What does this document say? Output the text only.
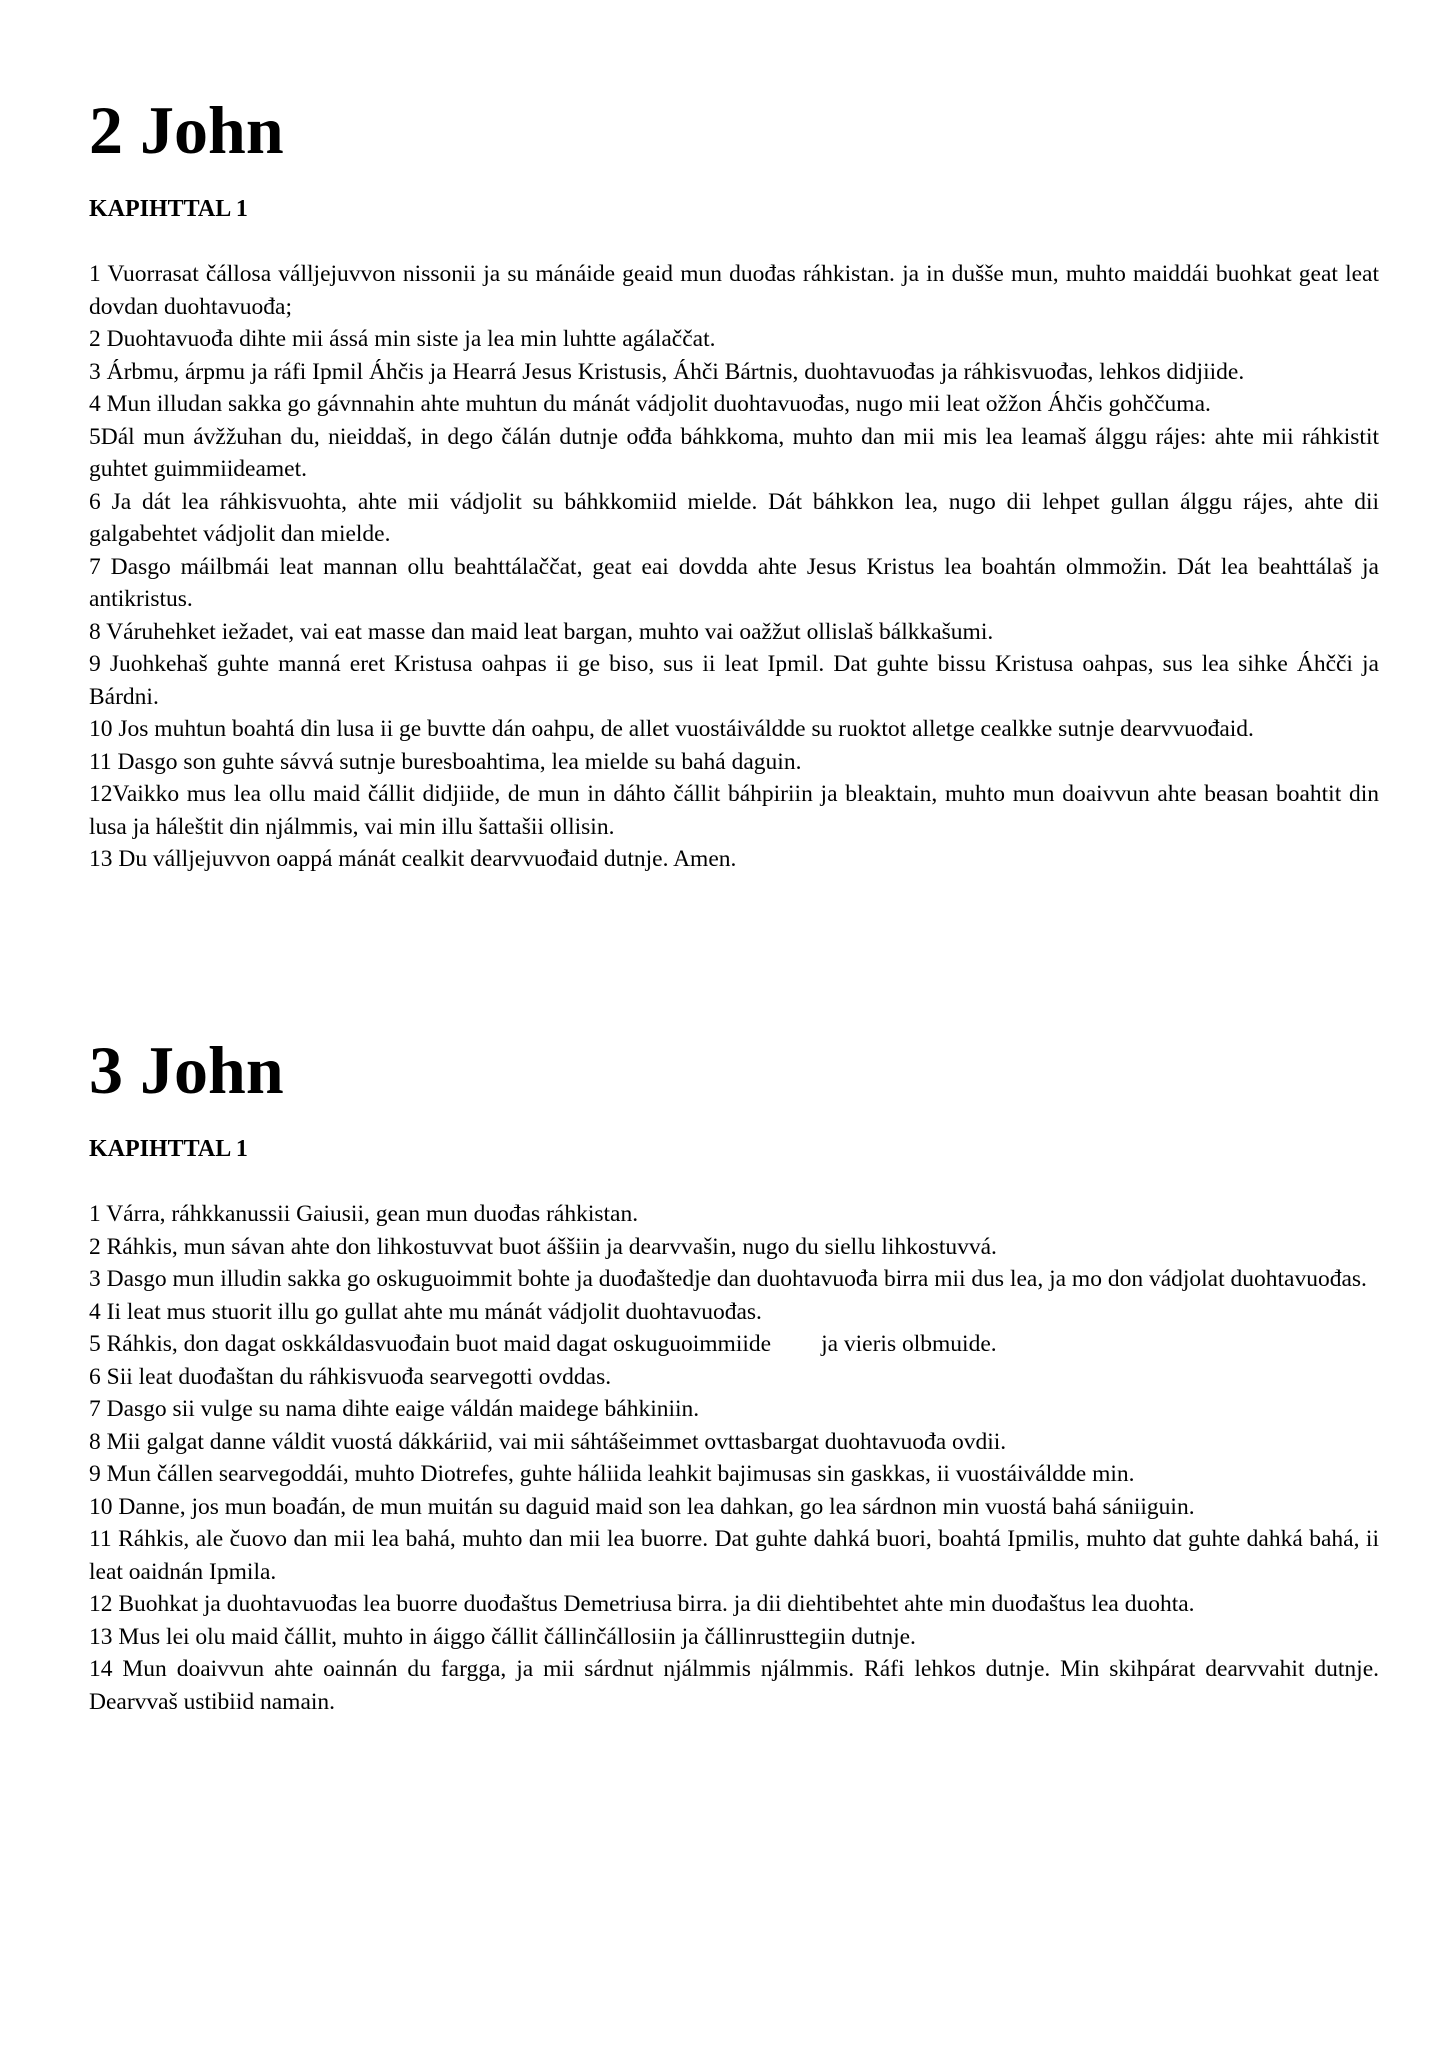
2 John
KAPIHTTAL 1

1 Vuorrasat čállosa válljejuvvon nissonii ja su mánáide geaid mun duođas ráhkistan. ja in dušše mun, muhto maiddái buohkat geat leat dovdan duohtavuođa;

2 Duohtavuođa dihte mii ássá min siste ja lea min luhtte agálaččat.

3 Árbmu, árpmu ja ráfi Ipmil Áhčis ja Hearrá Jesus Kristusis, Áhči Bártnis, duohtavuođas ja ráhkisvuođas, lehkos didjiide.

4 Mun illudan sakka go gávnnahin ahte muhtun du mánát vádjolit duohtavuođas, nugo mii leat ožžon Áhčis gohččuma.

5Dál mun ávžžuhan du, nieiddaš, in dego čálán dutnje ođđa báhkkoma, muhto dan mii mis lea leamaš álggu rájes: ahte mii ráhkistit guhtet guimmiideamet.

6 Ja dát lea ráhkisvuohta, ahte mii vádjolit su báhkkomiid mielde. Dát báhkkon lea, nugo dii lehpet gullan álggu rájes, ahte dii galgabehtet vádjolit dan mielde.

7 Dasgo máilbmái leat mannan ollu beahttálaččat, geat eai dovdda ahte Jesus Kristus lea boahtán olmmožin. Dát lea beahttálaš ja antikristus.

8 Váruhehket iežadet, vai eat masse dan maid leat bargan, muhto vai oažžut ollislaš bálkkašumi.

9 Juohkehaš guhte manná eret Kristusa oahpas ii ge biso, sus ii leat Ipmil. Dat guhte bissu Kristusa oahpas, sus lea sihke Áhčči ja Bárdni.

10 Jos muhtun boahtá din lusa ii ge buvtte dán oahpu, de allet vuostáiváldde su ruoktot alletge cealkke sutnje dearvvuođaid.

11 Dasgo son guhte sávvá sutnje buresboahtima, lea mielde su bahá daguin.

12Vaikko mus lea ollu maid čállit didjiide, de mun in dáhto čállit báhpiriin ja bleaktain, muhto mun doaivvun ahte beasan boahtit din lusa ja háleštit din njálmmis, vai min illu šattašii ollisin.

13 Du válljejuvvon oappá mánát cealkit dearvvuođaid dutnje. Amen.

3 John
KAPIHTTAL 1

1 Várra, ráhkkanussii Gaiusii, gean mun duođas ráhkistan.

2 Ráhkis, mun sávan ahte don lihkostuvvat buot áššiin ja dearvvašin, nugo du siellu lihkostuvvá.

3 Dasgo mun illudin sakka go oskuguoimmit bohte ja duođaštedje dan duohtavuođa birra mii dus lea, ja mo don vádjolat duohtavuođas.

4 Ii leat mus stuorit illu go gullat ahte mu mánát vádjolit duohtavuođas.

5 Ráhkis, don dagat oskkáldasvuođain buot maid dagat oskuguoimmiide ja vieris olbmuide.

6 Sii leat duođaštan du ráhkisvuođa searvegotti ovddas.

7 Dasgo sii vulge su nama dihte eaige váldán maidege báhkiniin.

8 Mii galgat danne váldit vuostá dákkáriid, vai mii sáhtášeimmet ovttasbargat duohtavuođa ovdii.

9 Mun čállen searvegoddái, muhto Diotrefes, guhte háliida leahkit bajimusas sin gaskkas, ii vuostáiváldde min.

10 Danne, jos mun boađán, de mun muitán su daguid maid son lea dahkan, go lea sárdnon min vuostá bahá sániiguin.

11 Ráhkis, ale čuovo dan mii lea bahá, muhto dan mii lea buorre. Dat guhte dahká buori, boahtá Ipmilis, muhto dat guhte dahká bahá, ii leat oaidnán Ipmila.

12 Buohkat ja duohtavuođas lea buorre duođaštus Demetriusa birra. ja dii diehtibehtet ahte min duođaštus lea duohta.

13 Mus lei olu maid čállit, muhto in áiggo čállit čállinčállosiin ja čállinrusttegiin dutnje.

14 Mun doaivvun ahte oainnán du fargga, ja mii sárdnut njálmmis njálmmis. Ráfi lehkos dutnje. Min skihpárat dearvvahit dutnje. Dearvvaš ustibiid namain.
